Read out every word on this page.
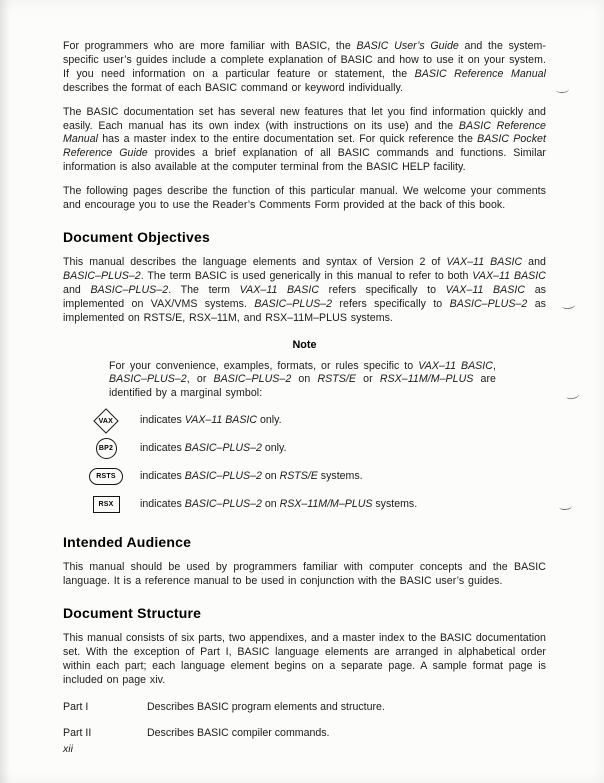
For programmers who are more familiar with BASIC, the BASIC User’s Guide and the system-specific user’s guides include a complete explanation of BASIC and how to use it on your system. If you need information on a particular feature or statement, the BASIC Reference Manual describes the format of each BASIC command or keyword individually.

The BASIC documentation set has several new features that let you find information quickly and easily. Each manual has its own index (with instructions on its use) and the BASIC Reference Manual has a master index to the entire documentation set. For quick reference the BASIC Pocket Reference Guide provides a brief explanation of all BASIC commands and functions. Similar information is also available at the computer terminal from the BASIC HELP facility.

The following pages describe the function of this particular manual. We welcome your comments and encourage you to use the Reader’s Comments Form provided at the back of this book.

Document Objectives

This manual describes the language elements and syntax of Version 2 of VAX–11 BASIC and BASIC–PLUS–2. The term BASIC is used generically in this manual to refer to both VAX–11 BASIC and BASIC–PLUS–2. The term VAX–11 BASIC refers specifically to VAX–11 BASIC as implemented on VAX/VMS systems. BASIC–PLUS–2 refers specifically to BASIC–PLUS–2 as implemented on RSTS/E, RSX–11M, and RSX–11M–PLUS systems.

Note

For your convenience, examples, formats, or rules specific to VAX–11 BASIC, BASIC–PLUS–2, or BASIC–PLUS–2 on RSTS/E or RSX–11M/M–PLUS are identified by a marginal symbol:

VAX	indicates VAX–11 BASIC only.
BP2	indicates BASIC–PLUS–2 only.
RSTS indicates BASIC–PLUS–2 on RSTS/E systems.
RSX	indicates BASIC–PLUS–2 on RSX–11M/M–PLUS systems.
Intended Audience

This manual should be used by programmers familiar with computer concepts and the BASIC language. It is a reference manual to be used in conjunction with the BASIC user’s guides.

Document Structure

This manual consists of six parts, two appendixes, and a master index to the BASIC documentation set. With the exception of Part I, BASIC language elements are arranged in alphabetical order within each part; each language element begins on a separate page. A sample format page is included on page xiv.

Part I	Describes BASIC program elements and structure.
Part II	Describes BASIC compiler commands.
xii
